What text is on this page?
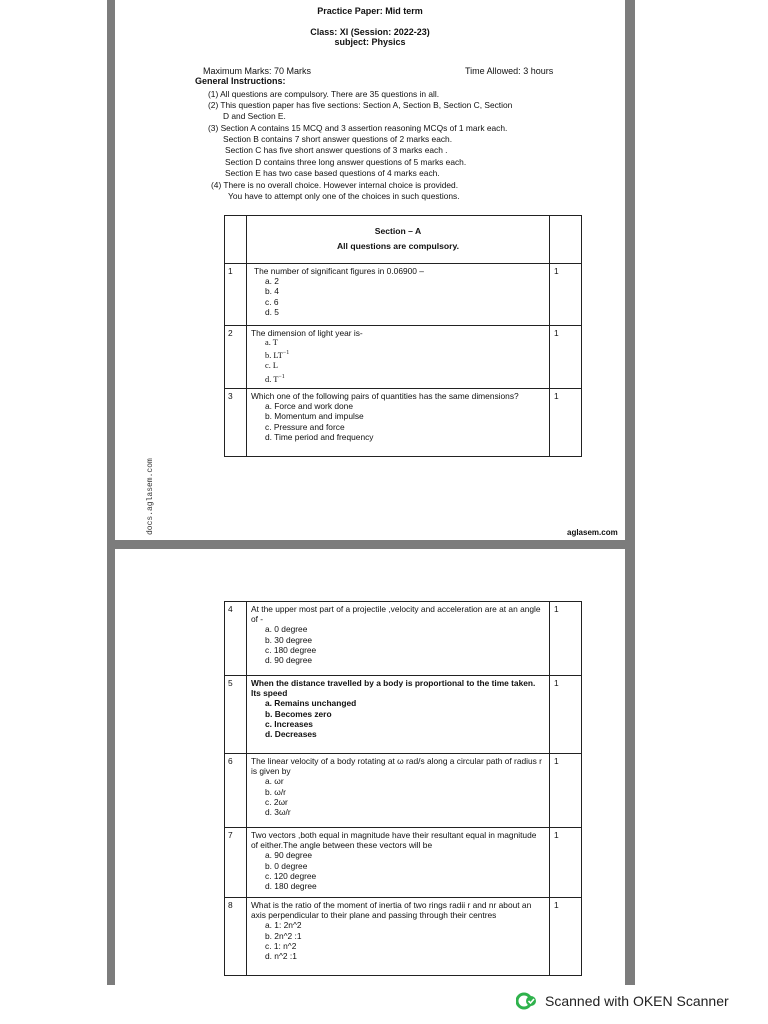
Practice Paper: Mid term
Class: XI (Session: 2022-23)
subject: Physics
Maximum Marks: 70 Marks	Time Allowed: 3 hours
General Instructions:
(1) All questions are compulsory. There are 35 questions in all.
(2) This question paper has five sections: Section A, Section B, Section C, Section
D and Section E.
(3) Section A contains 15 MCQ and 3 assertion reasoning MCQs of 1 mark each.
Section B contains 7 short answer questions of 2 marks each.
Section C has five short answer questions of 3 marks each .
Section D contains three long answer questions of 5 marks each.
Section E has two case based questions of 4 marks each.
(4) There is no overall choice. However internal choice is provided.
You have to attempt only one of the choices in such questions.

	Section – A
All questions are compulsory.	

1	The number of significant figures in 0.06900 –
a. 2
b. 4
c. 6
d. 5	1
2	The dimension of light year is-
a. T
b. $LT^{-1}$
c. L
d. $T^{-1}$	1
3	Which one of the following pairs of quantities has the same dimensions?
a. Force and work done
b. Momentum and impulse
c. Pressure and force
d. Time period and frequency	1
aglasem.com
docs.aglasem.com
4	At the upper most part of a projectile ,velocity and acceleration are at an angle of -
a. 0 degree
b. 30 degree
c. 180 degree
d. 90 degree	1
5	When the distance travelled by a body is proportional to the time taken. Its speed
a. Remains unchanged
b. Becomes zero
c. Increases
d. Decreases	1
6	The linear velocity of a body rotating at ω rad/s along a circular path of radius r is given by
a. ωr
b. ω/r
c. 2ωr
d. 3ω/r	1
7	Two vectors ,both equal in magnitude have their resultant equal in magnitude of either.The angle between these vectors will be
a. 90 degree
b. 0 degree
c. 120 degree
d. 180 degree	1
8	What is the ratio of the moment of inertia of two rings radii r and nr about an axis perpendicular to their plane and passing through their centres
a. 1: 2n^2
b. 2n^2 :1
c. 1: n^2
d. n^2 :1	1
Scanned with OKEN Scanner
